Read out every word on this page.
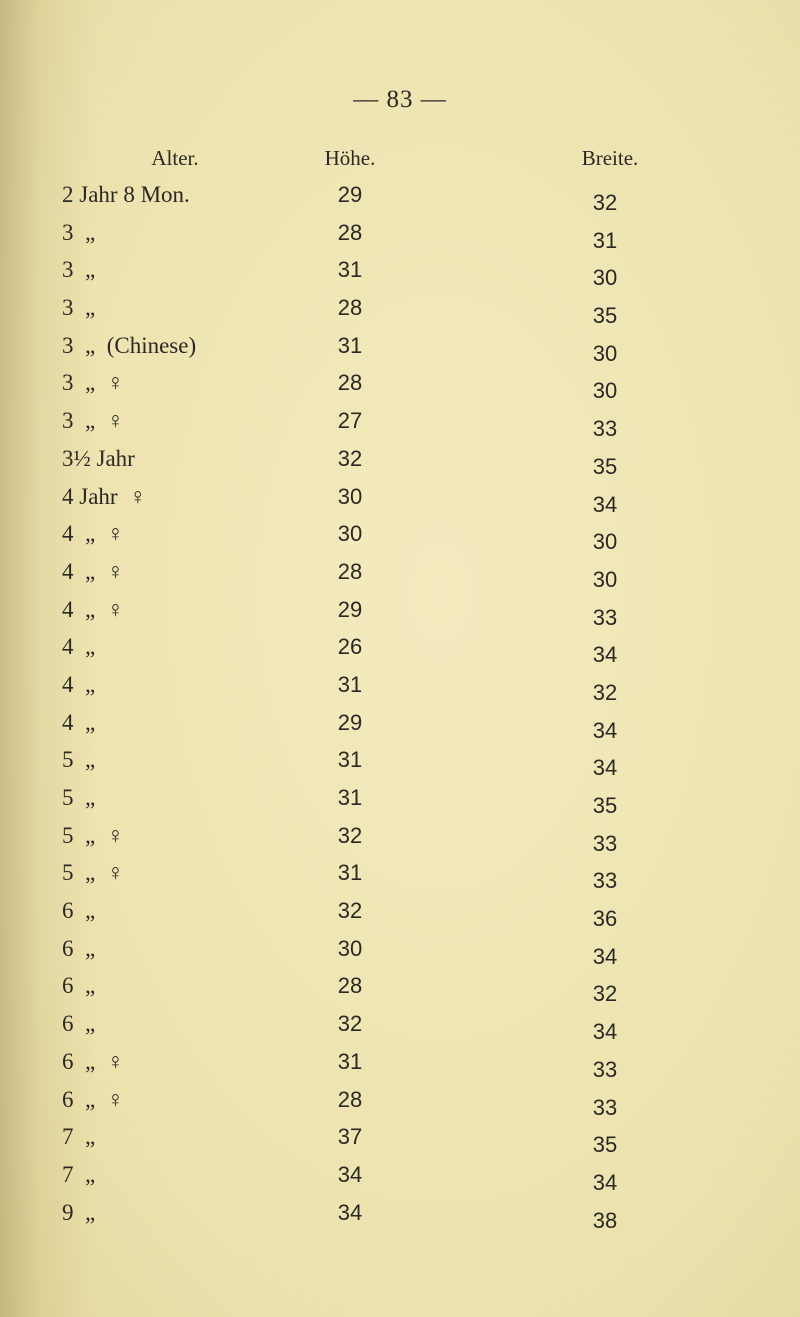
— 83 —
Alter.	Höhe.	Breite.
2 Jahr 8 Mon.	29	32
3  „	28	31
3  „	31	30
3  „	28	35
3  „  (Chinese)	31	30
3  „  ♀	28	30
3  „  ♀	27	33
3½ Jahr	32	35
4 Jahr  ♀	30	34
4  „  ♀	30	30
4  „  ♀	28	30
4  „  ♀	29	33
4  „	26	34
4  „	31	32
4  „	29	34
5  „	31	34
5  „	31	35
5  „  ♀	32	33
5  „  ♀	31	33
6  „	32	36
6  „	30	34
6  „	28	32
6  „	32	34
6  „  ♀	31	33
6  „  ♀	28	33
7  „	37	35
7  „	34	34
9  „	34	38
